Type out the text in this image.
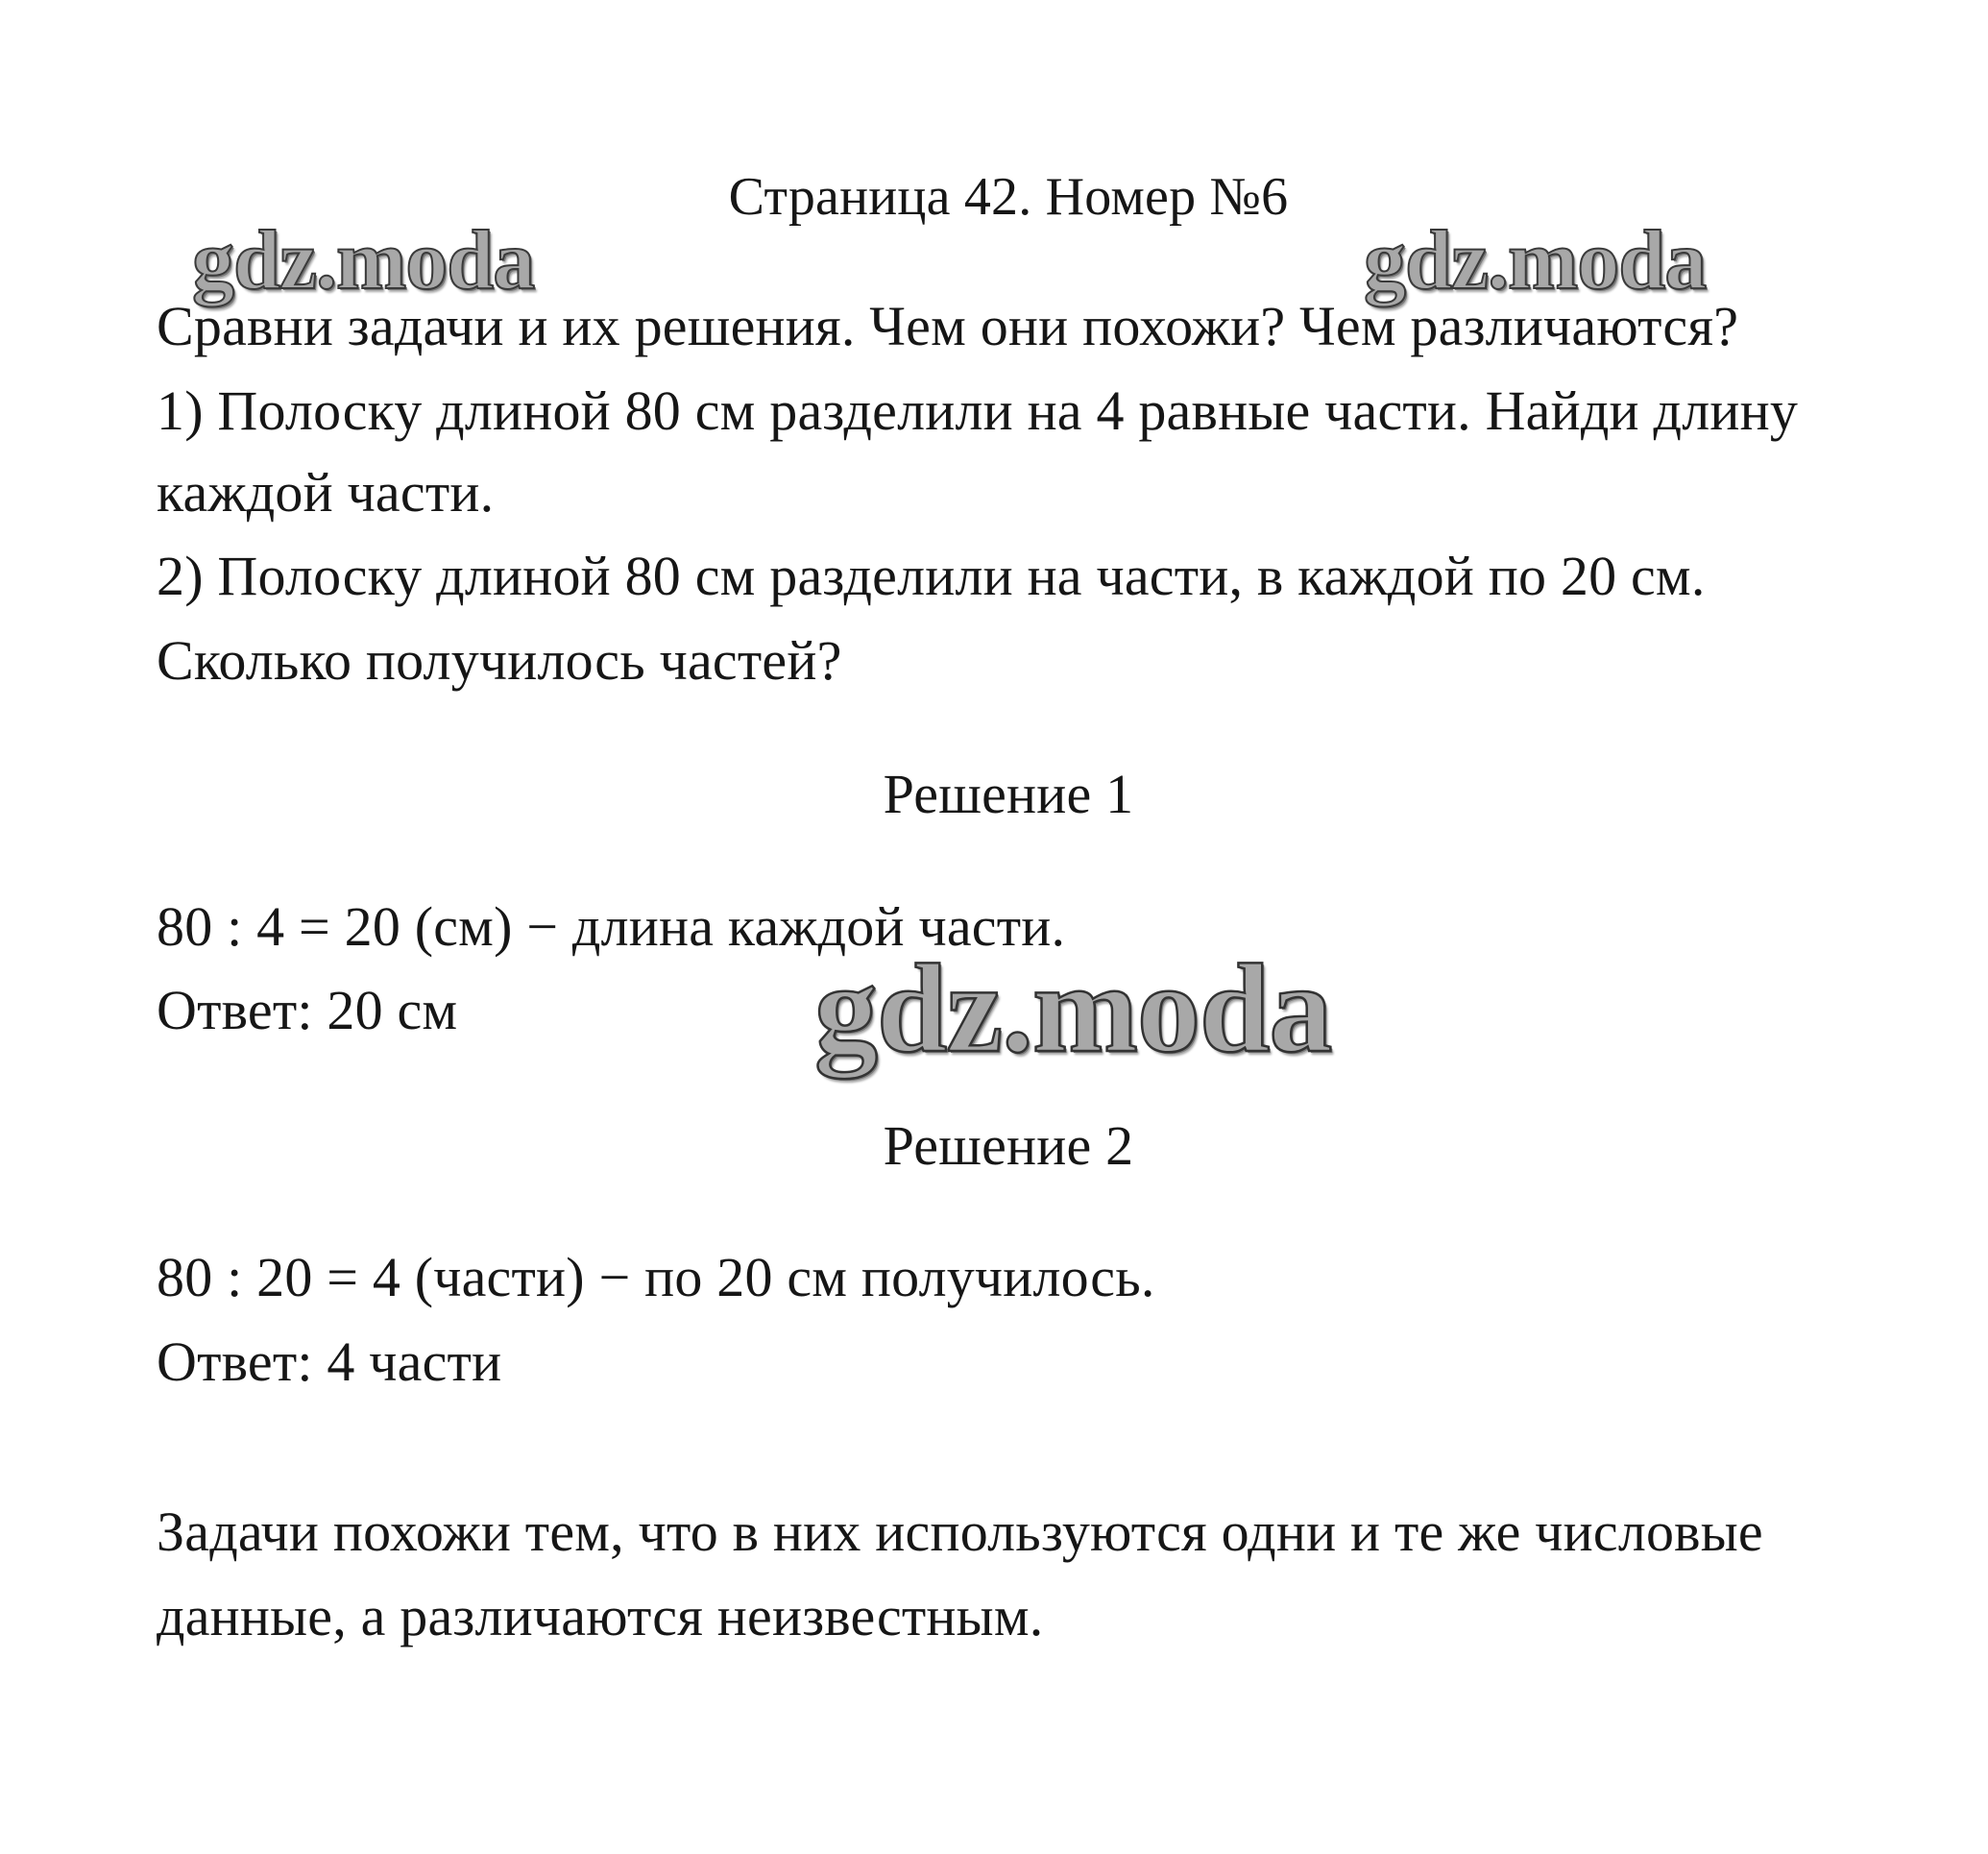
Страница 42. Номер №6
Сравни задачи и их решения. Чем они похожи? Чем различаются?
1) Полоску длиной 80 см разделили на 4 равные части. Найди длину
каждой части.
2) Полоску длиной 80 см разделили на части, в каждой по 20 см.
Сколько получилось частей?
Решение 1
80 : 4 = 20 (см) − длина каждой части.
Ответ: 20 см
Решение 2
80 : 20 = 4 (части) − по 20 см получилось.
Ответ: 4 части
Задачи похожи тем, что в них используются одни и те же числовые
данные, а различаются неизвестным.
gdz.moda	gdz.moda
gdz.moda
